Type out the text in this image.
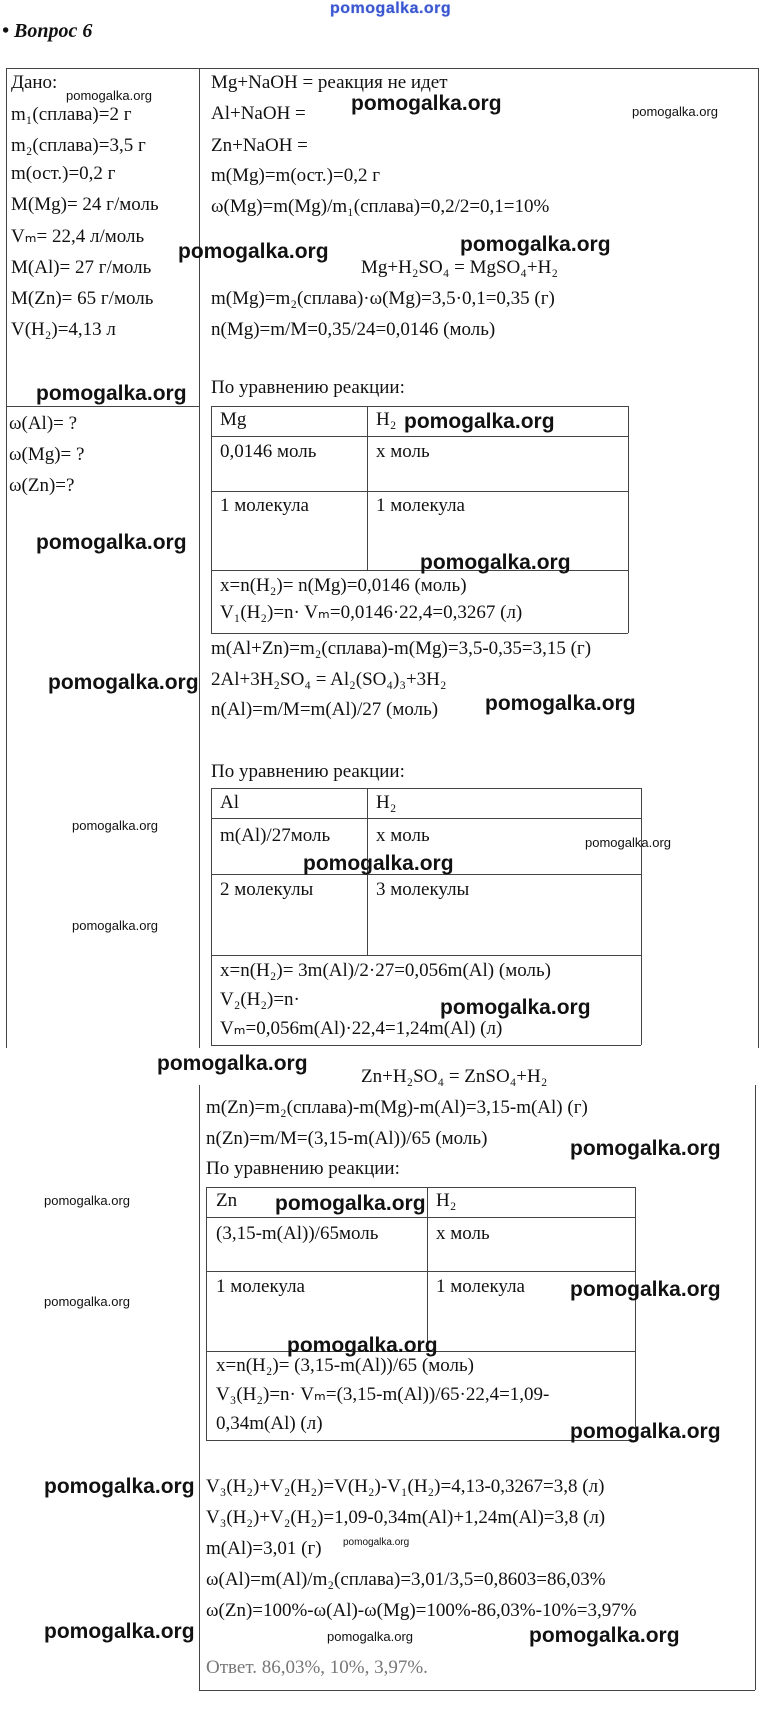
pomogalka.org
• Вопрос 6
Дано:
m₁(сплава)=2 г
m₂(сплава)=3,5 г
m(ост.)=0,2 г
M(Mg)= 24 г/моль
Vₘ= 22,4 л/моль
M(Al)= 27 г/моль
M(Zn)= 65 г/моль
V(H₂)=4,13 л
ω(Al)= ?
ω(Mg)= ?
ω(Zn)=?
Mg+NaOH = реакция не идет
Al+NaOH =
Zn+NaOH =
m(Mg)=m(ост.)=0,2 г
ω(Mg)=m(Mg)/m₁(сплава)=0,2/2=0,1=10%
Mg+H₂SO₄ = MgSO₄+H₂
m(Mg)=m₂(сплава)·ω(Mg)=3,5·0,1=0,35 (г)
n(Mg)=m/M=0,35/24=0,0146 (моль)
По уравнению реакции:
Mg	H₂
0,0146 моль	x моль
1 молекула	1 молекула
x=n(H₂)= n(Mg)=0,0146 (моль)
V₁(H₂)=n· Vₘ=0,0146·22,4=0,3267 (л)
m(Al+Zn)=m₂(сплава)-m(Mg)=3,5-0,35=3,15 (г)
2Al+3H₂SO₄ = Al₂(SO₄)₃+3H₂
n(Al)=m/M=m(Al)/27 (моль)
По уравнению реакции:
Al	H₂
m(Al)/27моль x моль
2 молекулы	3 молекулы
x=n(H₂)= 3m(Al)/2·27=0,056m(Al) (моль)
V₂(H₂)=n·
Vₘ=0,056m(Al)·22,4=1,24m(Al) (л)
Zn+H₂SO₄ = ZnSO₄+H₂
m(Zn)=m₂(сплава)-m(Mg)-m(Al)=3,15-m(Al) (г)
n(Zn)=m/M=(3,15-m(Al))/65 (моль)
По уравнению реакции:
Zn	H₂
(3,15-m(Al))/65моль	x моль
1 молекула	1 молекула
x=n(H₂)= (3,15-m(Al))/65 (моль)
V₃(H₂)=n· Vₘ=(3,15-m(Al))/65·22,4=1,09-
0,34m(Al) (л)
V₃(H₂)+V₂(H₂)=V(H₂)-V₁(H₂)=4,13-0,3267=3,8 (л)
V₃(H₂)+V₂(H₂)=1,09-0,34m(Al)+1,24m(Al)=3,8 (л)
m(Al)=3,01 (г)
ω(Al)=m(Al)/m₂(сплава)=3,01/3,5=0,8603=86,03%
ω(Zn)=100%-ω(Al)-ω(Mg)=100%-86,03%-10%=3,97%
Ответ. 86,03%, 10%, 3,97%.
pomogalka.org	pomogalka.org	pomogalka.org
pomogalka.org	pomogalka.org
pomogalka.org
pomogalka.org
pomogalka.org
pomogalka.org
pomogalka.org
pomogalka.org
pomogalka.org
pomogalka.org
pomogalka.org
pomogalka.org
pomogalka.org
pomogalka.org
pomogalka.org
pomogalka.org	pomogalka.org
pomogalka.org
pomogalka.org
pomogalka.org
pomogalka.org
pomogalka.org
pomogalka.org
pomogalka.org	pomogalka.org	pomogalka.org
